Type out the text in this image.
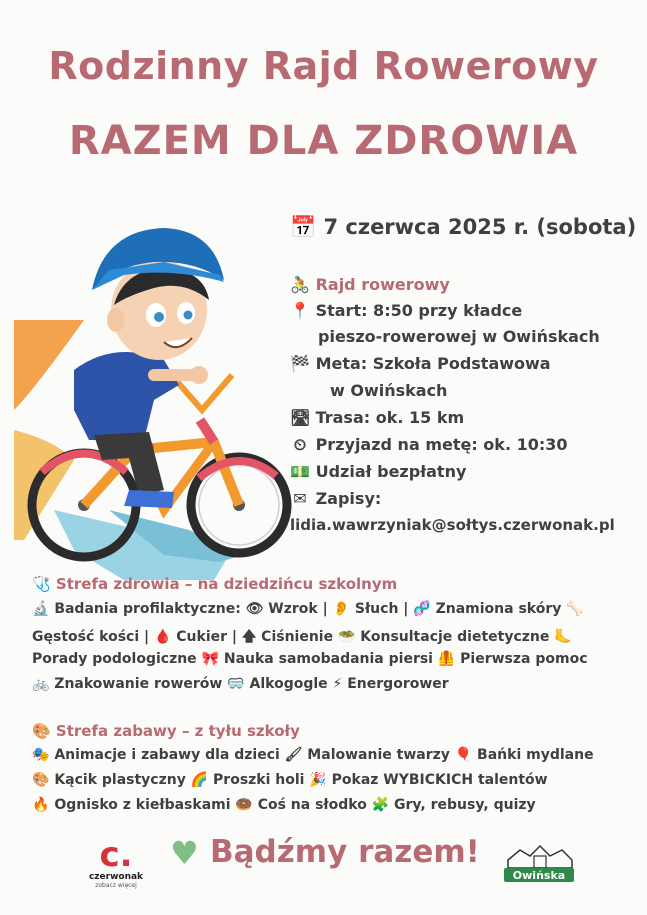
Rodzinny Rajd Rowerowy
RAZEM DLA ZDROWIA
📅 7 czerwca 2025 r. (sobota)
🚴 Rajd rowerowy
📍 Start: 8:50 przy kładce
pieszo-rowerowej w Owińskach
🏁 Meta: Szkoła Podstawowa
w Owińskach
🛣 Trasa: ok. 15 km
⏲ Przyjazd na metę: ok. 10:30
💵 Udział bezpłatny
✉ Zapisy:
lidia.wawrzyniak@sołtys.czerwonak.pl
🩺 Strefa zdrowia – na dziedzińcu szkolnym
🔬 Badania profilaktyczne: 👁 Wzrok | 👂 Słuch | 🧬 Znamiona skóry 🦴
Gęstość kości | 🩸 Cukier | 🡅 Ciśnienie 🥗 Konsultacje dietetyczne 🦶
Porady podologiczne 🎀 Nauka samobadania piersi 🦺 Pierwsza pomoc
🚲 Znakowanie rowerów 🥽 Alkogogle ⚡ Energorower
🎨 Strefa zabawy – z tyłu szkoły
🎭 Animacje i zabawy dla dzieci 🖌 Malowanie twarzy 🎈 Bańki mydlane
🎨 Kącik plastyczny 🌈 Proszki holi 🎉 Pokaz WYBICKICH talentów
🔥 Ognisko z kiełbaskami 🍩 Coś na słodko 🧩 Gry, rebusy, quizy
c.
czerwonak
zobacz więcej
♥ Bądźmy razem!
Owińska
